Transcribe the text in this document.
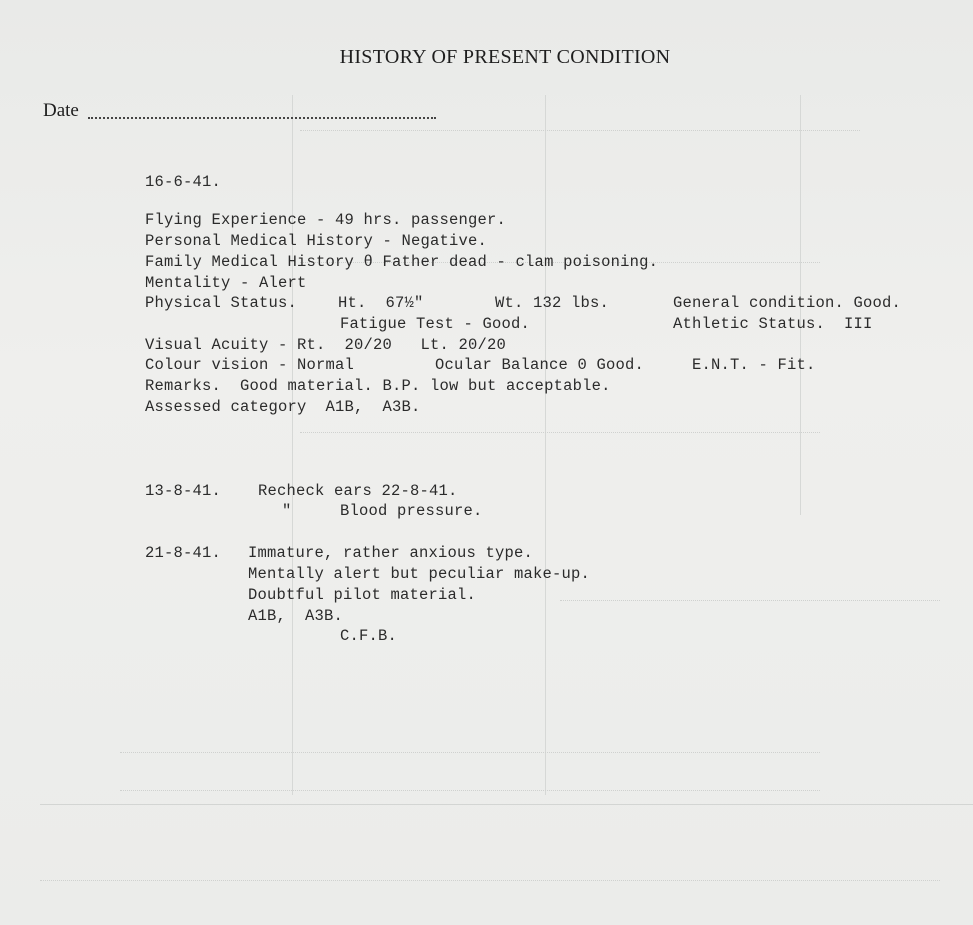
HISTORY OF PRESENT CONDITION
Date
16-6-41.
Flying Experience - 49 hrs. passenger.
Personal Medical History - Negative.
Family Medical History θ Father dead - clam poisoning.
Mentality - Alert
Physical Status.	Ht.  67½"	Wt. 132 lbs.	General condition. Good.
Fatigue Test - Good.	Athletic Status.  III
Visual Acuity - Rt.  20/20   Lt. 20/20
Colour vision - Normal	Ocular Balance 0 Good.	E.N.T. - Fit.
Remarks.  Good material. B.P. low but acceptable.
Assessed category  A1B,  A3B.
13-8-41. Recheck ears 22-8-41.
"	Blood pressure.
21-8-41. Immature, rather anxious type.
Mentally alert but peculiar make-up.
Doubtful pilot material.
A1B,  A3B.
C.F.B.
